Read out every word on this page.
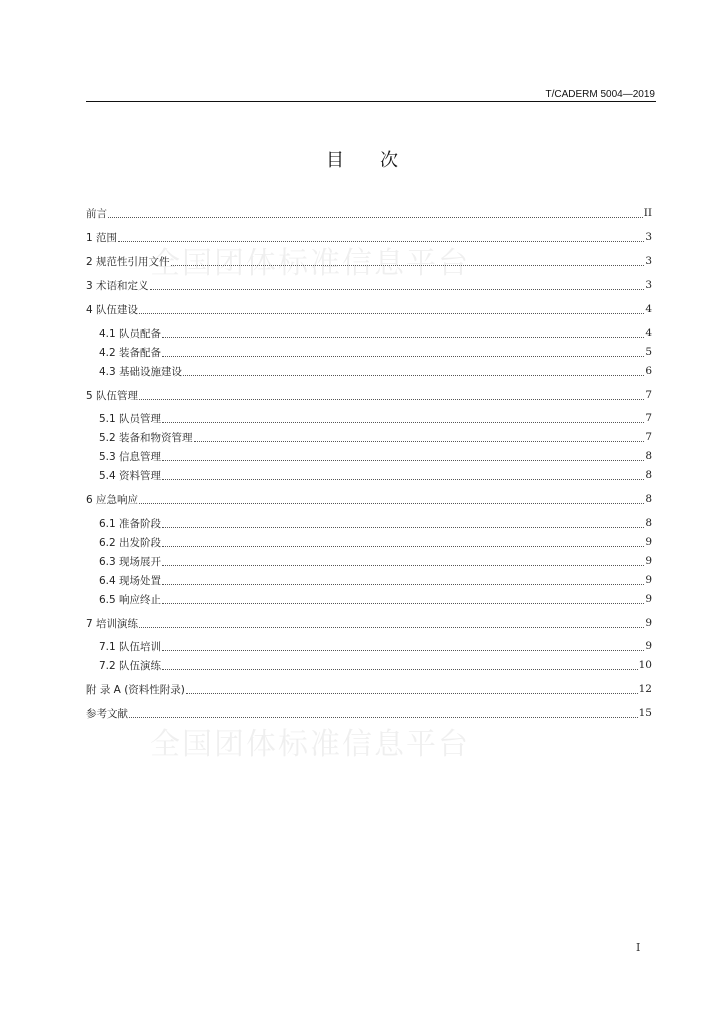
T/CADERM 5004—2019
目次
全国团体标准信息平台
全国团体标准信息平台
前言	II
1 范围	3
2 规范性引用文件	3
3 术语和定义	3
4 队伍建设	4
4.1 队员配备	4
4.2 装备配备	5
4.3 基础设施建设	6
5 队伍管理	7
5.1 队员管理	7
5.2 装备和物资管理	7
5.3 信息管理	8
5.4 资料管理	8
6 应急响应	8
6.1 准备阶段	8
6.2 出发阶段	9
6.3 现场展开	9
6.4 现场处置	9
6.5 响应终止	9
7 培训演练	9
7.1 队伍培训	9
7.2 队伍演练	10
附 录 A (资料性附录)	12
参考文献	15
I
